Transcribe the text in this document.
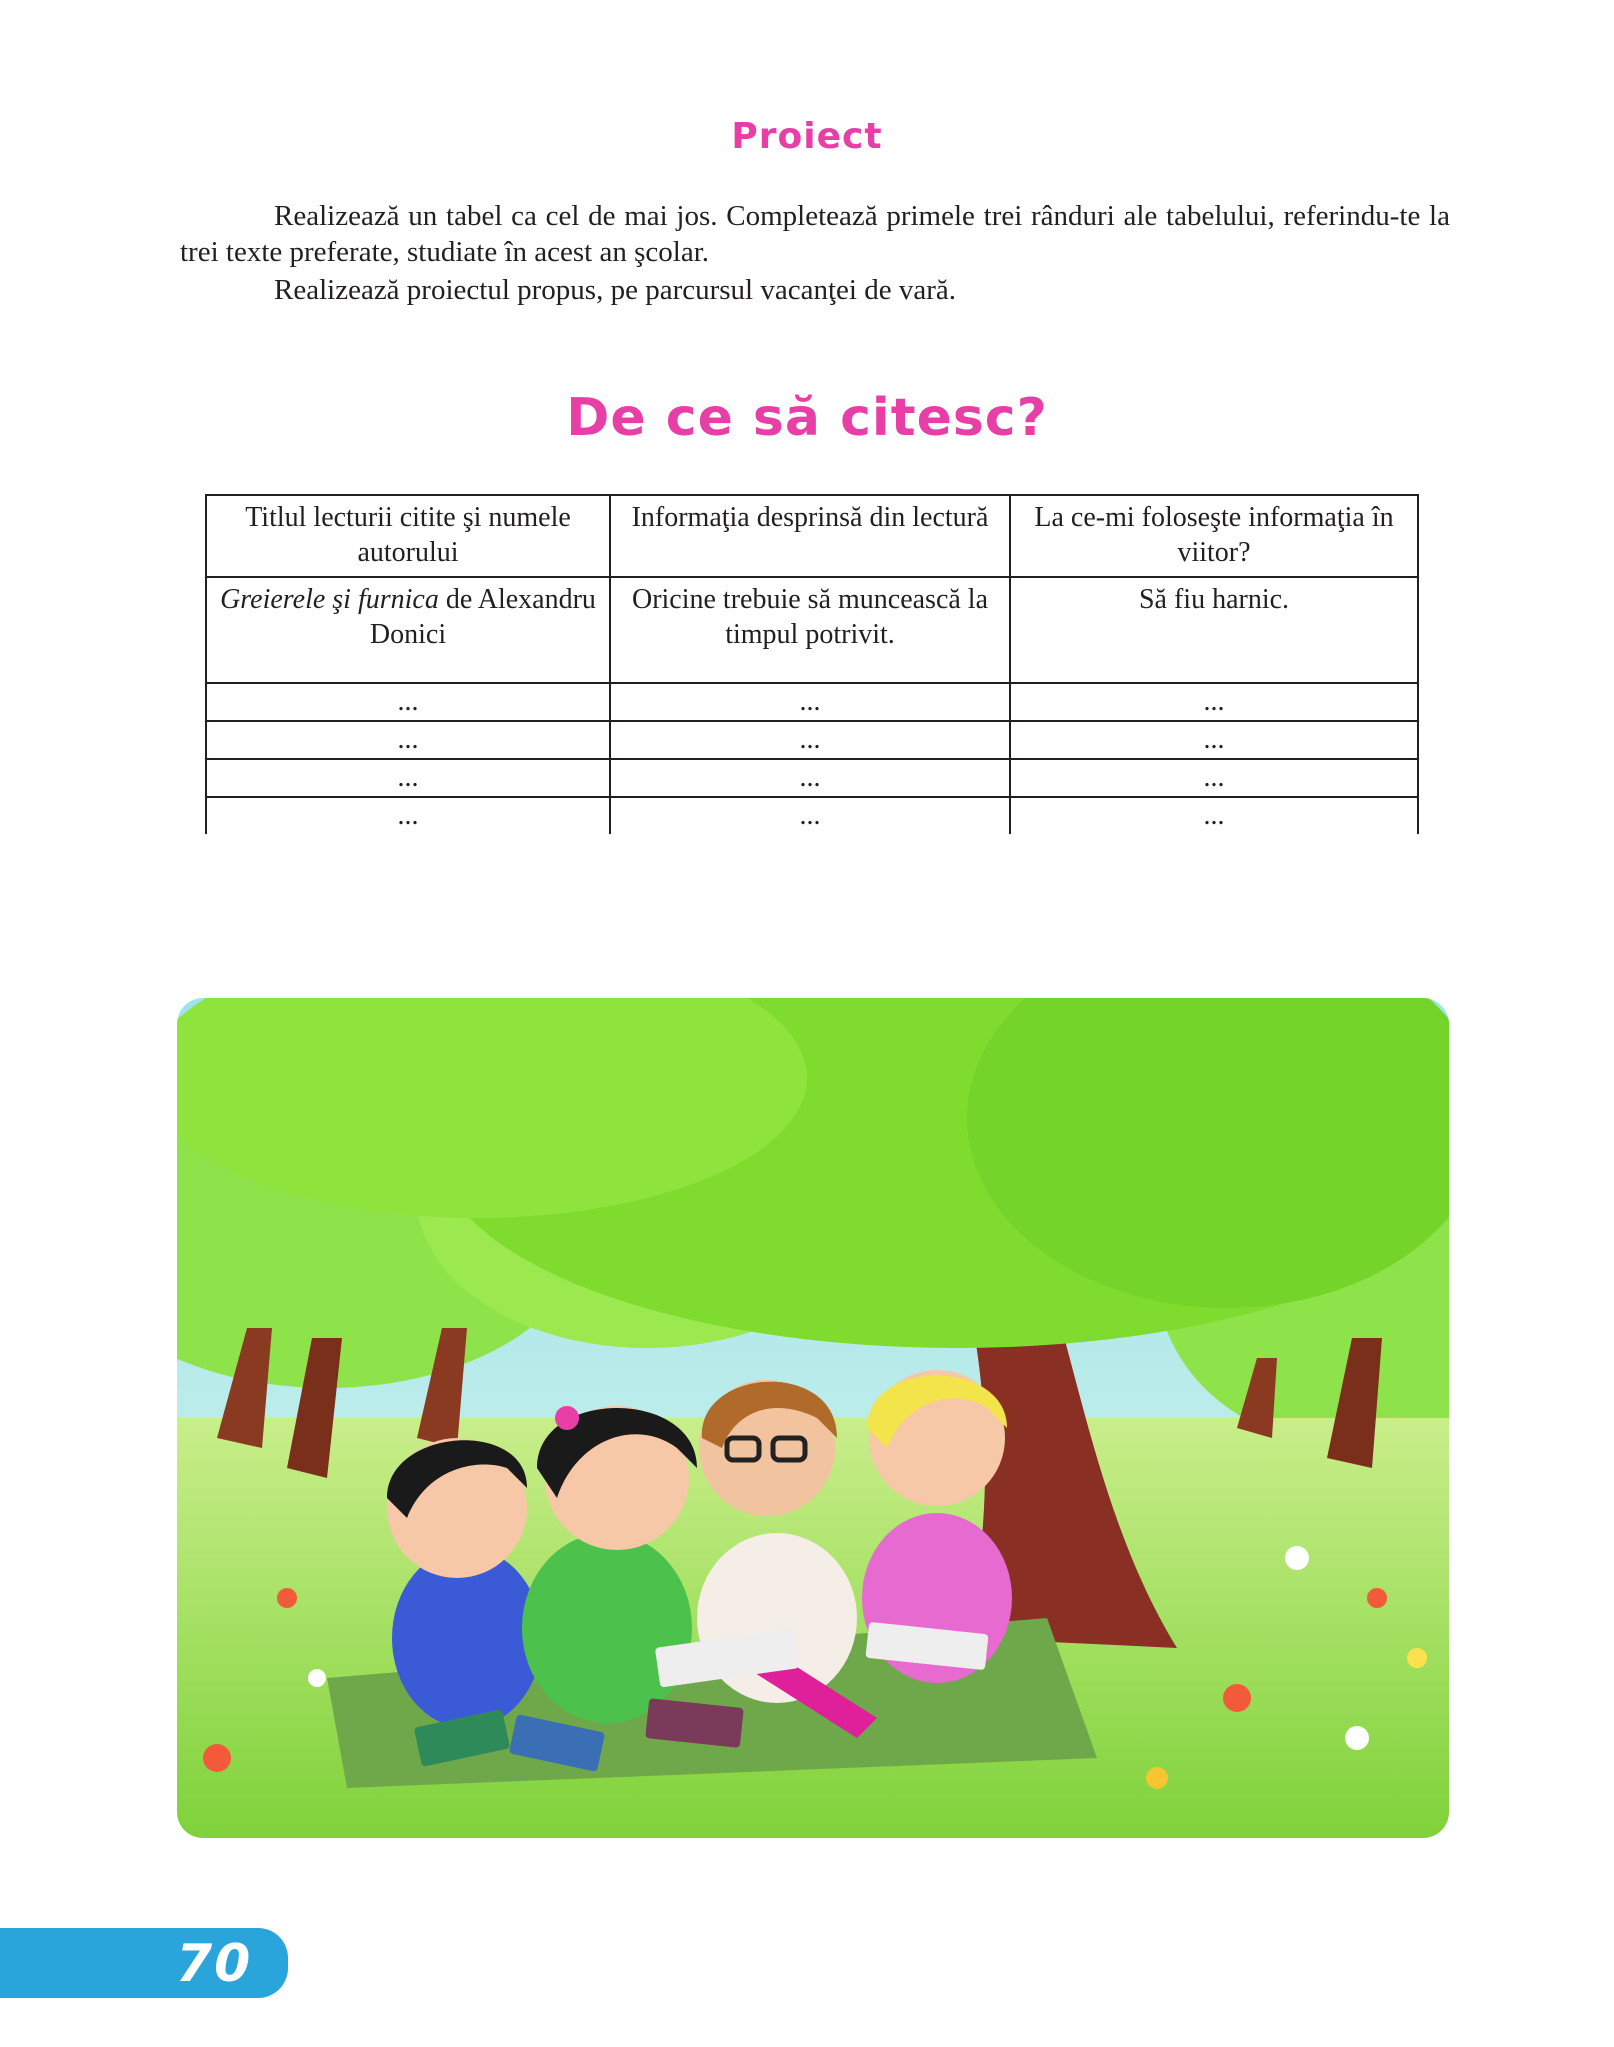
Proiect

Realizează un tabel ca cel de mai jos. Completează primele trei rânduri ale tabelului, referindu-te la trei texte preferate, studiate în acest an şcolar.

Realizează proiectul propus, pe parcursul vacanţei de vară.

De ce să citesc?
Titlul lecturii citite şi numele autorului	Informaţia desprinsă din lectură	La ce-mi foloseşte informaţia în viitor?
Greierele şi furnica de Alexandru Donici	Oricine trebuie să muncească la timpul potrivit.	Să fiu harnic.
...	...	...
...	...	...
...	...	...
...	...	...
70
